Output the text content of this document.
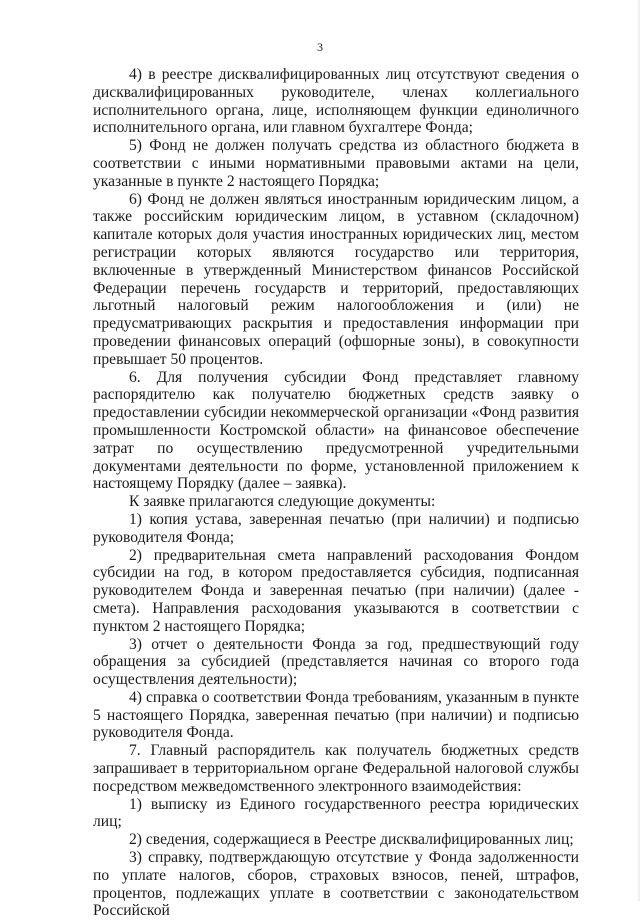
3

4) в реестре дисквалифицированных лиц отсутствуют сведения о дисквалифицированных руководителе, членах коллегиального исполнительного органа, лице, исполняющем функции единоличного исполнительного органа, или главном бухгалтере Фонда;

5) Фонд не должен получать средства из областного бюджета в соответствии с иными нормативными правовыми актами на цели, указанные в пункте 2 настоящего Порядка;

6) Фонд не должен являться иностранным юридическим лицом, а также российским юридическим лицом, в уставном (складочном) капитале которых доля участия иностранных юридических лиц, местом регистрации которых являются государство или территория, включенные в утвержденный Министерством финансов Российской Федерации перечень государств и территорий, предоставляющих льготный налоговый режим налогообложения и (или) не предусматривающих раскрытия и предоставления информации при проведении финансовых операций (офшорные зоны), в совокупности превышает 50 процентов.

6. Для получения субсидии Фонд представляет главному распорядителю как получателю бюджетных средств заявку о предоставлении субсидии некоммерческой организации «Фонд развития промышленности Костромской области» на финансовое обеспечение затрат по осуществлению предусмотренной учредительными документами деятельности по форме, установленной приложением к настоящему Порядку (далее – заявка).

К заявке прилагаются следующие документы:

1) копия устава, заверенная печатью (при наличии) и подписью руководителя Фонда;

2) предварительная смета направлений расходования Фондом субсидии на год, в котором предоставляется субсидия, подписанная руководителем Фонда и заверенная печатью (при наличии) (далее - смета). Направления расходования указываются в соответствии с пунктом 2 настоящего Порядка;

3) отчет о деятельности Фонда за год, предшествующий году обращения за субсидией (представляется начиная со второго года осуществления деятельности);

4) справка о соответствии Фонда требованиям, указанным в пункте 5 настоящего Порядка, заверенная печатью (при наличии) и подписью руководителя Фонда.

7. Главный распорядитель как получатель бюджетных средств запрашивает в территориальном органе Федеральной налоговой службы посредством межведомственного электронного взаимодействия:

1) выписку из Единого государственного реестра юридических лиц;

2) сведения, содержащиеся в Реестре дисквалифицированных лиц;

3) справку, подтверждающую отсутствие у Фонда задолженности по уплате налогов, сборов, страховых взносов, пеней, штрафов, процентов, подлежащих уплате в соответствии с законодательством Российской
